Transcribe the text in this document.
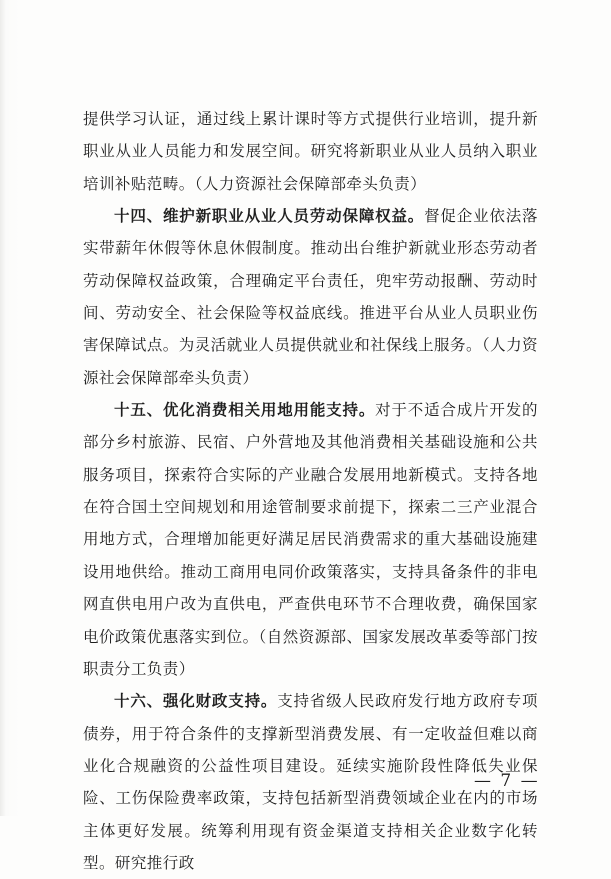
提供学习认证，通过线上累计课时等方式提供行业培训，提升新职业从业人员能力和发展空间。研究将新职业从业人员纳入职业培训补贴范畴。（人力资源社会保障部牵头负责）

十四、维护新职业从业人员劳动保障权益。督促企业依法落实带薪年休假等休息休假制度。推动出台维护新就业形态劳动者劳动保障权益政策，合理确定平台责任，兜牢劳动报酬、劳动时间、劳动安全、社会保险等权益底线。推进平台从业人员职业伤害保障试点。为灵活就业人员提供就业和社保线上服务。（人力资源社会保障部牵头负责）

十五、优化消费相关用地用能支持。对于不适合成片开发的部分乡村旅游、民宿、户外营地及其他消费相关基础设施和公共服务项目，探索符合实际的产业融合发展用地新模式。支持各地在符合国土空间规划和用途管制要求前提下，探索二三产业混合用地方式，合理增加能更好满足居民消费需求的重大基础设施建设用地供给。推动工商用电同价政策落实，支持具备条件的非电网直供电用户改为直供电，严查供电环节不合理收费，确保国家电价政策优惠落实到位。（自然资源部、国家发展改革委等部门按职责分工负责）

十六、强化财政支持。支持省级人民政府发行地方政府专项债券，用于符合条件的支撑新型消费发展、有一定收益但难以商业化合规融资的公益性项目建设。延续实施阶段性降低失业保险、工伤保险费率政策，支持包括新型消费领域企业在内的市场主体更好发展。统筹利用现有资金渠道支持相关企业数字化转型。研究推行政

— 7 —
